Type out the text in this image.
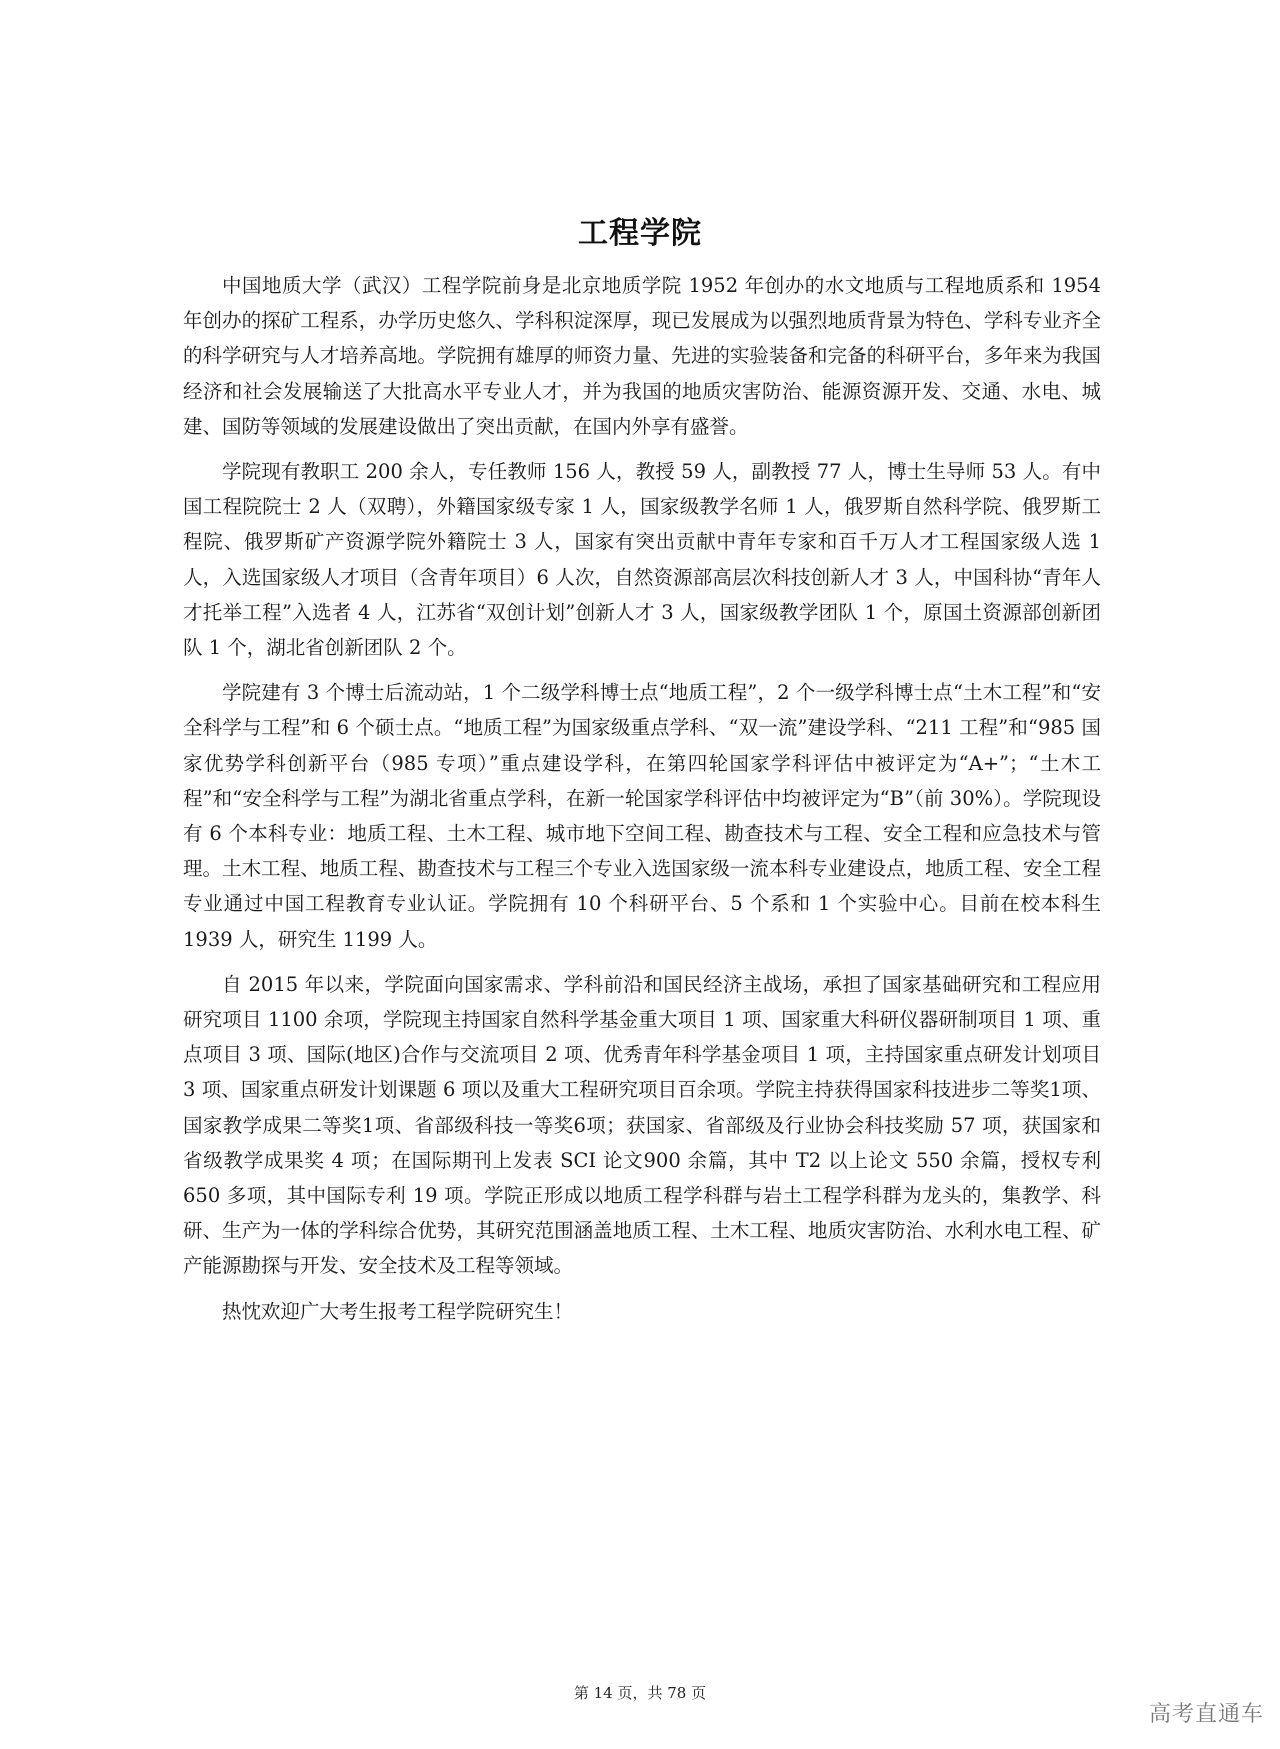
工程学院

中国地质大学（武汉）工程学院前身是北京地质学院 1952 年创办的水文地质与工程地质系和 1954 年创办的探矿工程系，办学历史悠久、学科积淀深厚，现已发展成为以强烈地质背景为特色、学科专业齐全的科学研究与人才培养高地。学院拥有雄厚的师资力量、先进的实验装备和完备的科研平台，多年来为我国经济和社会发展输送了大批高水平专业人才，并为我国的地质灾害防治、能源资源开发、交通、水电、城建、国防等领域的发展建设做出了突出贡献，在国内外享有盛誉。

学院现有教职工 200 余人，专任教师 156 人，教授 59 人，副教授 77 人，博士生导师 53 人。有中国工程院院士 2 人（双聘），外籍国家级专家 1 人，国家级教学名师 1 人，俄罗斯自然科学院、俄罗斯工程院、俄罗斯矿产资源学院外籍院士 3 人，国家有突出贡献中青年专家和百千万人才工程国家级人选 1 人，入选国家级人才项目（含青年项目）6 人次，自然资源部高层次科技创新人才 3 人，中国科协“青年人才托举工程”入选者 4 人，江苏省“双创计划”创新人才 3 人，国家级教学团队 1 个，原国土资源部创新团队 1 个，湖北省创新团队 2 个。

学院建有 3 个博士后流动站，1 个二级学科博士点“地质工程”，2 个一级学科博士点“土木工程”和“安全科学与工程”和 6 个硕士点。“地质工程”为国家级重点学科、“双一流”建设学科、“211 工程”和“985 国家优势学科创新平台（985 专项）”重点建设学科，在第四轮国家学科评估中被评定为“A+”；“土木工程”和“安全科学与工程”为湖北省重点学科，在新一轮国家学科评估中均被评定为“B”（前 30%）。学院现设有 6 个本科专业：地质工程、土木工程、城市地下空间工程、勘查技术与工程、安全工程和应急技术与管理。土木工程、地质工程、勘查技术与工程三个专业入选国家级一流本科专业建设点，地质工程、安全工程专业通过中国工程教育专业认证。学院拥有 10 个科研平台、5 个系和 1 个实验中心。目前在校本科生 1939 人，研究生 1199 人。

自 2015 年以来，学院面向国家需求、学科前沿和国民经济主战场，承担了国家基础研究和工程应用研究项目 1100 余项，学院现主持国家自然科学基金重大项目 1 项、国家重大科研仪器研制项目 1 项、重点项目 3 项、国际(地区)合作与交流项目 2 项、优秀青年科学基金项目 1 项，主持国家重点研发计划项目 3 项、国家重点研发计划课题 6 项以及重大工程研究项目百余项。学院主持获得国家科技进步二等奖1项、国家教学成果二等奖1项、省部级科技一等奖6项；获国家、省部级及行业协会科技奖励 57 项，获国家和省级教学成果奖 4 项；在国际期刊上发表 SCI 论文900 余篇，其中 T2 以上论文 550 余篇，授权专利 650 多项，其中国际专利 19 项。学院正形成以地质工程学科群与岩土工程学科群为龙头的，集教学、科研、生产为一体的学科综合优势，其研究范围涵盖地质工程、土木工程、地质灾害防治、水利水电工程、矿产能源勘探与开发、安全技术及工程等领域。

热忱欢迎广大考生报考工程学院研究生！

第 14 页，共 78 页
高考直通车
